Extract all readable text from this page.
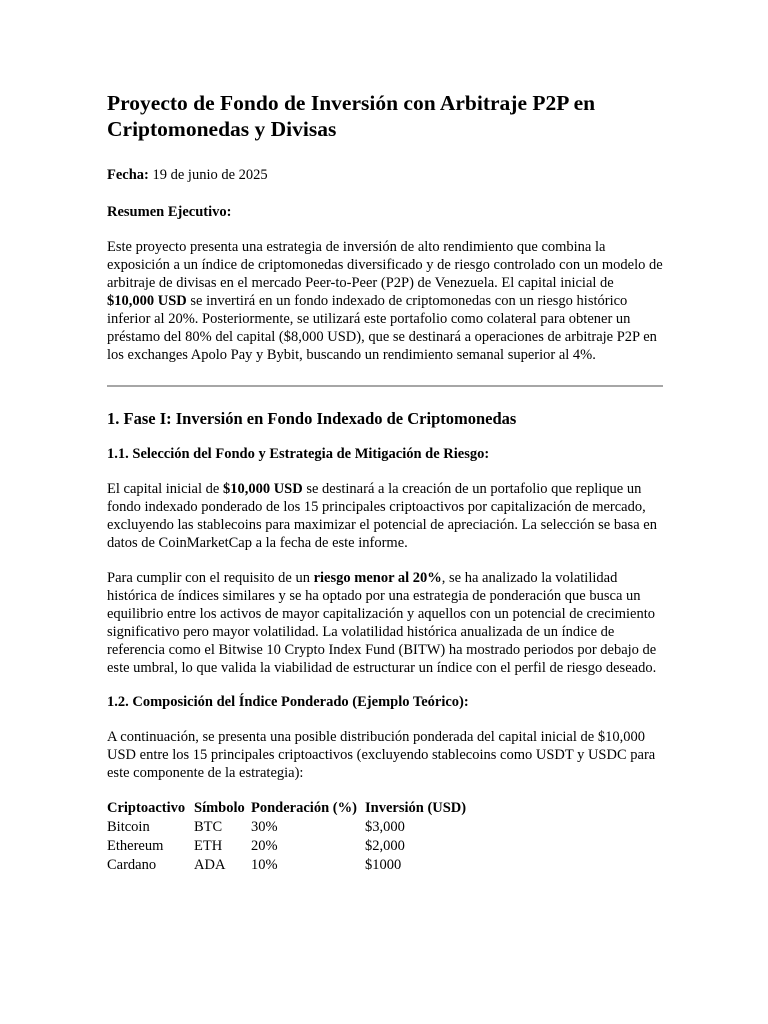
Proyecto de Fondo de Inversión con Arbitraje P2P en Criptomonedas y Divisas
Fecha: 19 de junio de 2025
Resumen Ejecutivo:

Este proyecto presenta una estrategia de inversión de alto rendimiento que combina la exposición a un índice de criptomonedas diversificado y de riesgo controlado con un modelo de arbitraje de divisas en el mercado Peer-to-Peer (P2P) de Venezuela. El capital inicial de $10,000 USD se invertirá en un fondo indexado de criptomonedas con un riesgo histórico inferior al 20%. Posteriormente, se utilizará este portafolio como colateral para obtener un préstamo del 80% del capital ($8,000 USD), que se destinará a operaciones de arbitraje P2P en los exchanges Apolo Pay y Bybit, buscando un rendimiento semanal superior al 4%.

1. Fase I: Inversión en Fondo Indexado de Criptomonedas
1.1. Selección del Fondo y Estrategia de Mitigación de Riesgo:

El capital inicial de $10,000 USD se destinará a la creación de un portafolio que replique un fondo indexado ponderado de los 15 principales criptoactivos por capitalización de mercado, excluyendo las stablecoins para maximizar el potencial de apreciación. La selección se basa en datos de CoinMarketCap a la fecha de este informe.

Para cumplir con el requisito de un riesgo menor al 20%, se ha analizado la volatilidad histórica de índices similares y se ha optado por una estrategia de ponderación que busca un equilibrio entre los activos de mayor capitalización y aquellos con un potencial de crecimiento significativo pero mayor volatilidad. La volatilidad histórica anualizada de un índice de referencia como el Bitwise 10 Crypto Index Fund (BITW) ha mostrado periodos por debajo de este umbral, lo que valida la viabilidad de estructurar un índice con el perfil de riesgo deseado.

1.2. Composición del Índice Ponderado (Ejemplo Teórico):

A continuación, se presenta una posible distribución ponderada del capital inicial de $10,000 USD entre los 15 principales criptoactivos (excluyendo stablecoins como USDT y USDC para este componente de la estrategia):

Criptoactivo	Símbolo	Ponderación (%)	Inversión (USD)
Bitcoin	BTC	30%	$3,000
Ethereum	ETH	20%	$2,000
Cardano	ADA	10%	$1000
